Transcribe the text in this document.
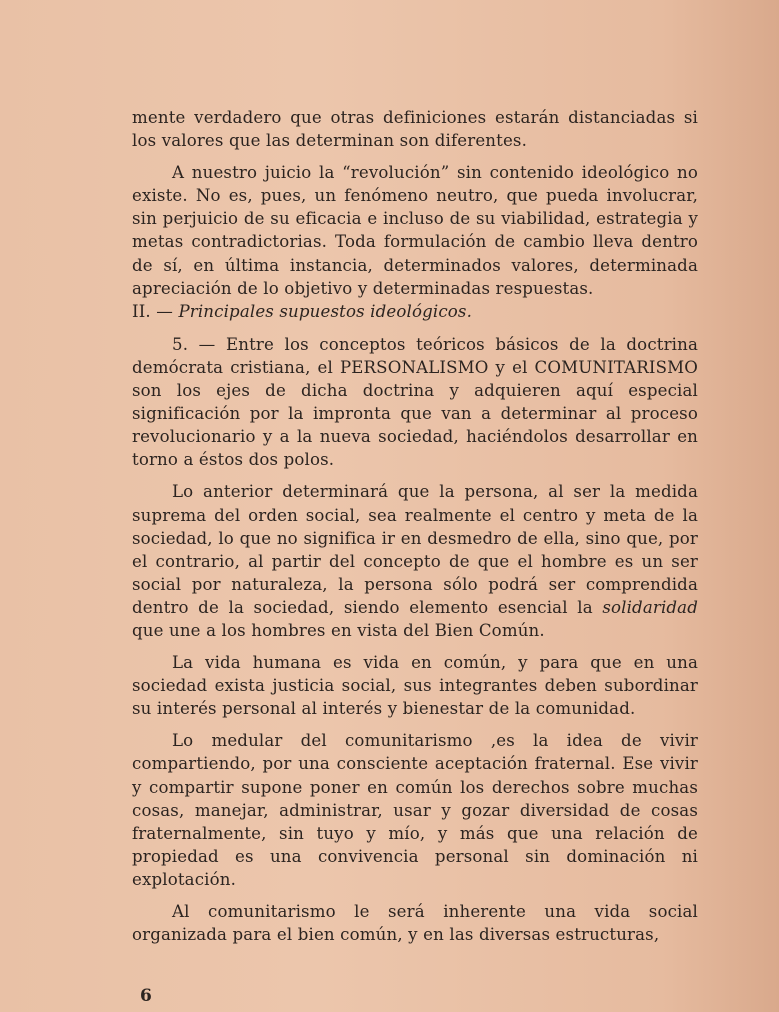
mente verdadero que otras definiciones estarán distanciadas si los valores que las determinan son diferentes.

A nuestro juicio la “revolución” sin contenido ideológico no existe. No es, pues, un fenómeno neutro, que pueda involucrar, sin perjuicio de su eficacia e incluso de su viabilidad, estrategia y metas contradictorias. Toda formulación de cambio lleva dentro de sí, en última instancia, determinados valores, determinada apreciación de lo objetivo y determinadas respuestas.

II. — Principales supuestos ideológicos.

5. — Entre los conceptos teóricos básicos de la doctrina demócrata cristiana, el PERSONALISMO y el COMUNITARISMO son los ejes de dicha doctrina y adquieren aquí especial significación por la impronta que van a determinar al proceso revolucionario y a la nueva sociedad, haciéndolos desarrollar en torno a éstos dos polos.

Lo anterior determinará que la persona, al ser la medida suprema del orden social, sea realmente el centro y meta de la sociedad, lo que no significa ir en desmedro de ella, sino que, por el contrario, al partir del concepto de que el hombre es un ser social por naturaleza, la persona sólo podrá ser comprendida dentro de la sociedad, siendo elemento esencial la solidaridad que une a los hombres en vista del Bien Común.

La vida humana es vida en común, y para que en una sociedad exista justicia social, sus integrantes deben subordinar su interés personal al interés y bienestar de la comunidad.

Lo medular del comunitarismo ,es la idea de vivir compartiendo, por una consciente aceptación fraternal. Ese vivir y compartir supone poner en común los derechos sobre muchas cosas, manejar, administrar, usar y gozar diversidad de cosas fraternalmente, sin tuyo y mío, y más que una relación de propiedad es una convivencia personal sin dominación ni explotación.

Al comunitarismo le será inherente una vida social organizada para el bien común, y en las diversas estructuras,

6
